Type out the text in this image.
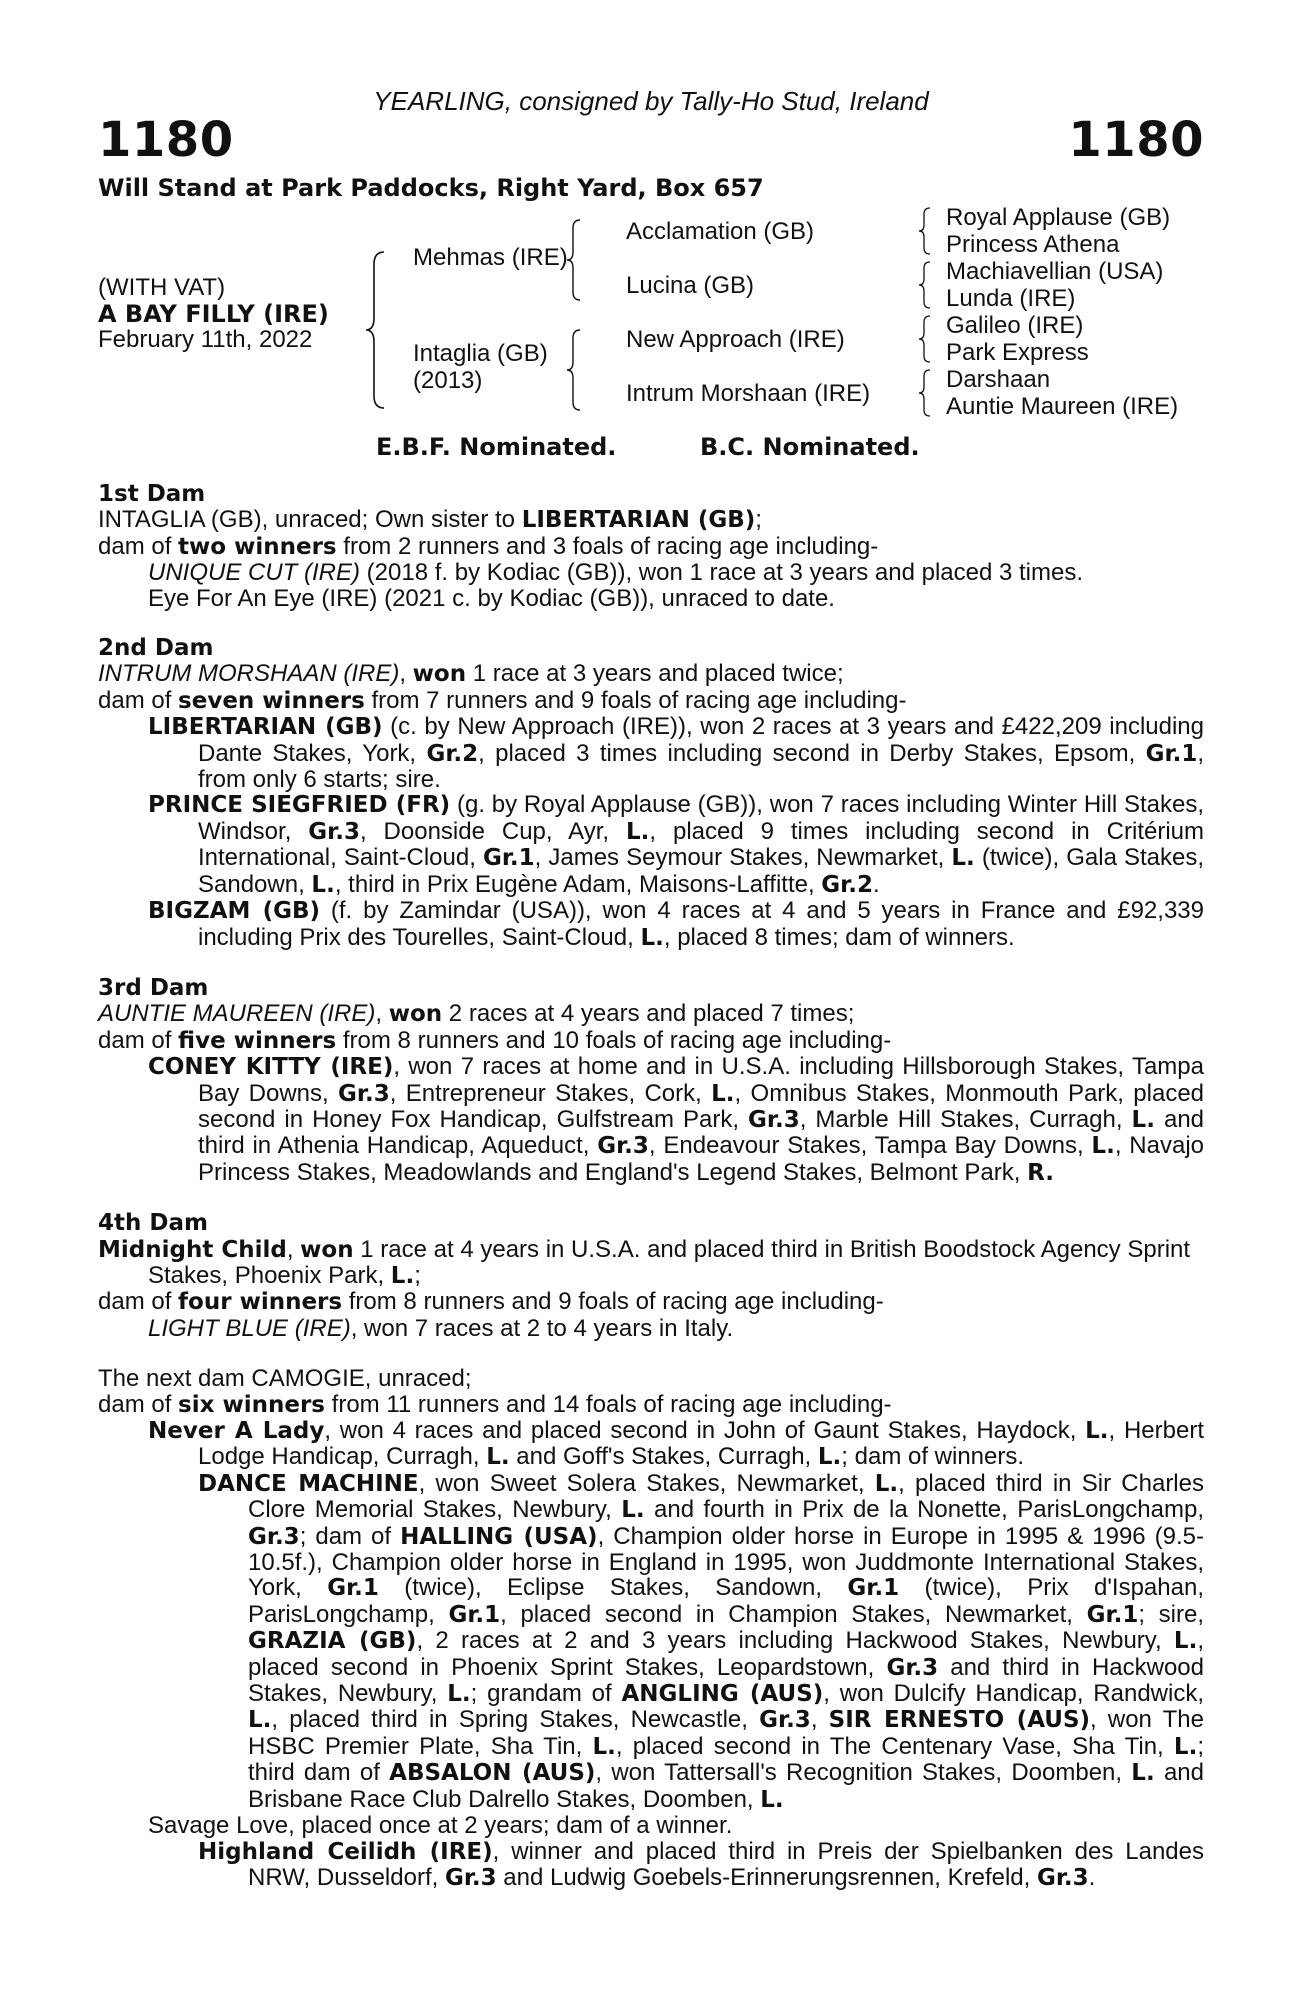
YEARLING, consigned by Tally-Ho Stud, Ireland
1180	1180
Will Stand at Park Paddocks, Right Yard, Box 657
(WITH VAT)
A BAY FILLY (IRE)
February 11th, 2022
Mehmas (IRE)
Intaglia (GB)
(2013)
Acclamation (GB)
Lucina (GB)
New Approach (IRE)
Intrum Morshaan (IRE)
Royal Applause (GB)
Princess Athena
Machiavellian (USA)
Lunda (IRE)
Galileo (IRE)
Park Express
Darshaan
Auntie Maureen (IRE)
E.B.F. Nominated.	B.C. Nominated.

1st Dam

INTAGLIA (GB), unraced; Own sister to LIBERTARIAN (GB);

dam of two winners from 2 runners and 3 foals of racing age including-

UNIQUE CUT (IRE) (2018 f. by Kodiac (GB)), won 1 race at 3 years and placed 3 times.

Eye For An Eye (IRE) (2021 c. by Kodiac (GB)), unraced to date.

2nd Dam

INTRUM MORSHAAN (IRE), won 1 race at 3 years and placed twice;

dam of seven winners from 7 runners and 9 foals of racing age including-

LIBERTARIAN (GB) (c. by New Approach (IRE)), won 2 races at 3 years and £422,209 including Dante Stakes, York, Gr.2, placed 3 times including second in Derby Stakes, Epsom, Gr.1, from only 6 starts; sire.

PRINCE SIEGFRIED (FR) (g. by Royal Applause (GB)), won 7 races including Winter Hill Stakes, Windsor, Gr.3, Doonside Cup, Ayr, L., placed 9 times including second in Critérium International, Saint-Cloud, Gr.1, James Seymour Stakes, Newmarket, L. (twice), Gala Stakes, Sandown, L., third in Prix Eugène Adam, Maisons-Laffitte, Gr.2.

BIGZAM (GB) (f. by Zamindar (USA)), won 4 races at 4 and 5 years in France and £92,339 including Prix des Tourelles, Saint-Cloud, L., placed 8 times; dam of winners.

3rd Dam

AUNTIE MAUREEN (IRE), won 2 races at 4 years and placed 7 times;

dam of five winners from 8 runners and 10 foals of racing age including-

CONEY KITTY (IRE), won 7 races at home and in U.S.A. including Hillsborough Stakes, Tampa Bay Downs, Gr.3, Entrepreneur Stakes, Cork, L., Omnibus Stakes, Monmouth Park, placed second in Honey Fox Handicap, Gulfstream Park, Gr.3, Marble Hill Stakes, Curragh, L. and third in Athenia Handicap, Aqueduct, Gr.3, Endeavour Stakes, Tampa Bay Downs, L., Navajo Princess Stakes, Meadowlands and England's Legend Stakes, Belmont Park, R.

4th Dam

Midnight Child, won 1 race at 4 years in U.S.A. and placed third in British Boodstock Agency Sprint Stakes, Phoenix Park, L.;

dam of four winners from 8 runners and 9 foals of racing age including-

LIGHT BLUE (IRE), won 7 races at 2 to 4 years in Italy.

The next dam CAMOGIE, unraced;

dam of six winners from 11 runners and 14 foals of racing age including-

Never A Lady, won 4 races and placed second in John of Gaunt Stakes, Haydock, L., Herbert Lodge Handicap, Curragh, L. and Goff's Stakes, Curragh, L.; dam of winners.

DANCE MACHINE, won Sweet Solera Stakes, Newmarket, L., placed third in Sir Charles Clore Memorial Stakes, Newbury, L. and fourth in Prix de la Nonette, ParisLongchamp, Gr.3; dam of HALLING (USA), Champion older horse in Europe in 1995 & 1996 (9.5-10.5f.), Champion older horse in England in 1995, won Juddmonte International Stakes, York, Gr.1 (twice), Eclipse Stakes, Sandown, Gr.1 (twice), Prix d'Ispahan, ParisLongchamp, Gr.1, placed second in Champion Stakes, Newmarket, Gr.1; sire, GRAZIA (GB), 2 races at 2 and 3 years including Hackwood Stakes, Newbury, L., placed second in Phoenix Sprint Stakes, Leopardstown, Gr.3 and third in Hackwood Stakes, Newbury, L.; grandam of ANGLING (AUS), won Dulcify Handicap, Randwick, L., placed third in Spring Stakes, Newcastle, Gr.3, SIR ERNESTO (AUS), won The HSBC Premier Plate, Sha Tin, L., placed second in The Centenary Vase, Sha Tin, L.; third dam of ABSALON (AUS), won Tattersall's Recognition Stakes, Doomben, L. and Brisbane Race Club Dalrello Stakes, Doomben, L.

Savage Love, placed once at 2 years; dam of a winner.

Highland Ceilidh (IRE), winner and placed third in Preis der Spielbanken des Landes NRW, Dusseldorf, Gr.3 and Ludwig Goebels-Erinnerungsrennen, Krefeld, Gr.3.
